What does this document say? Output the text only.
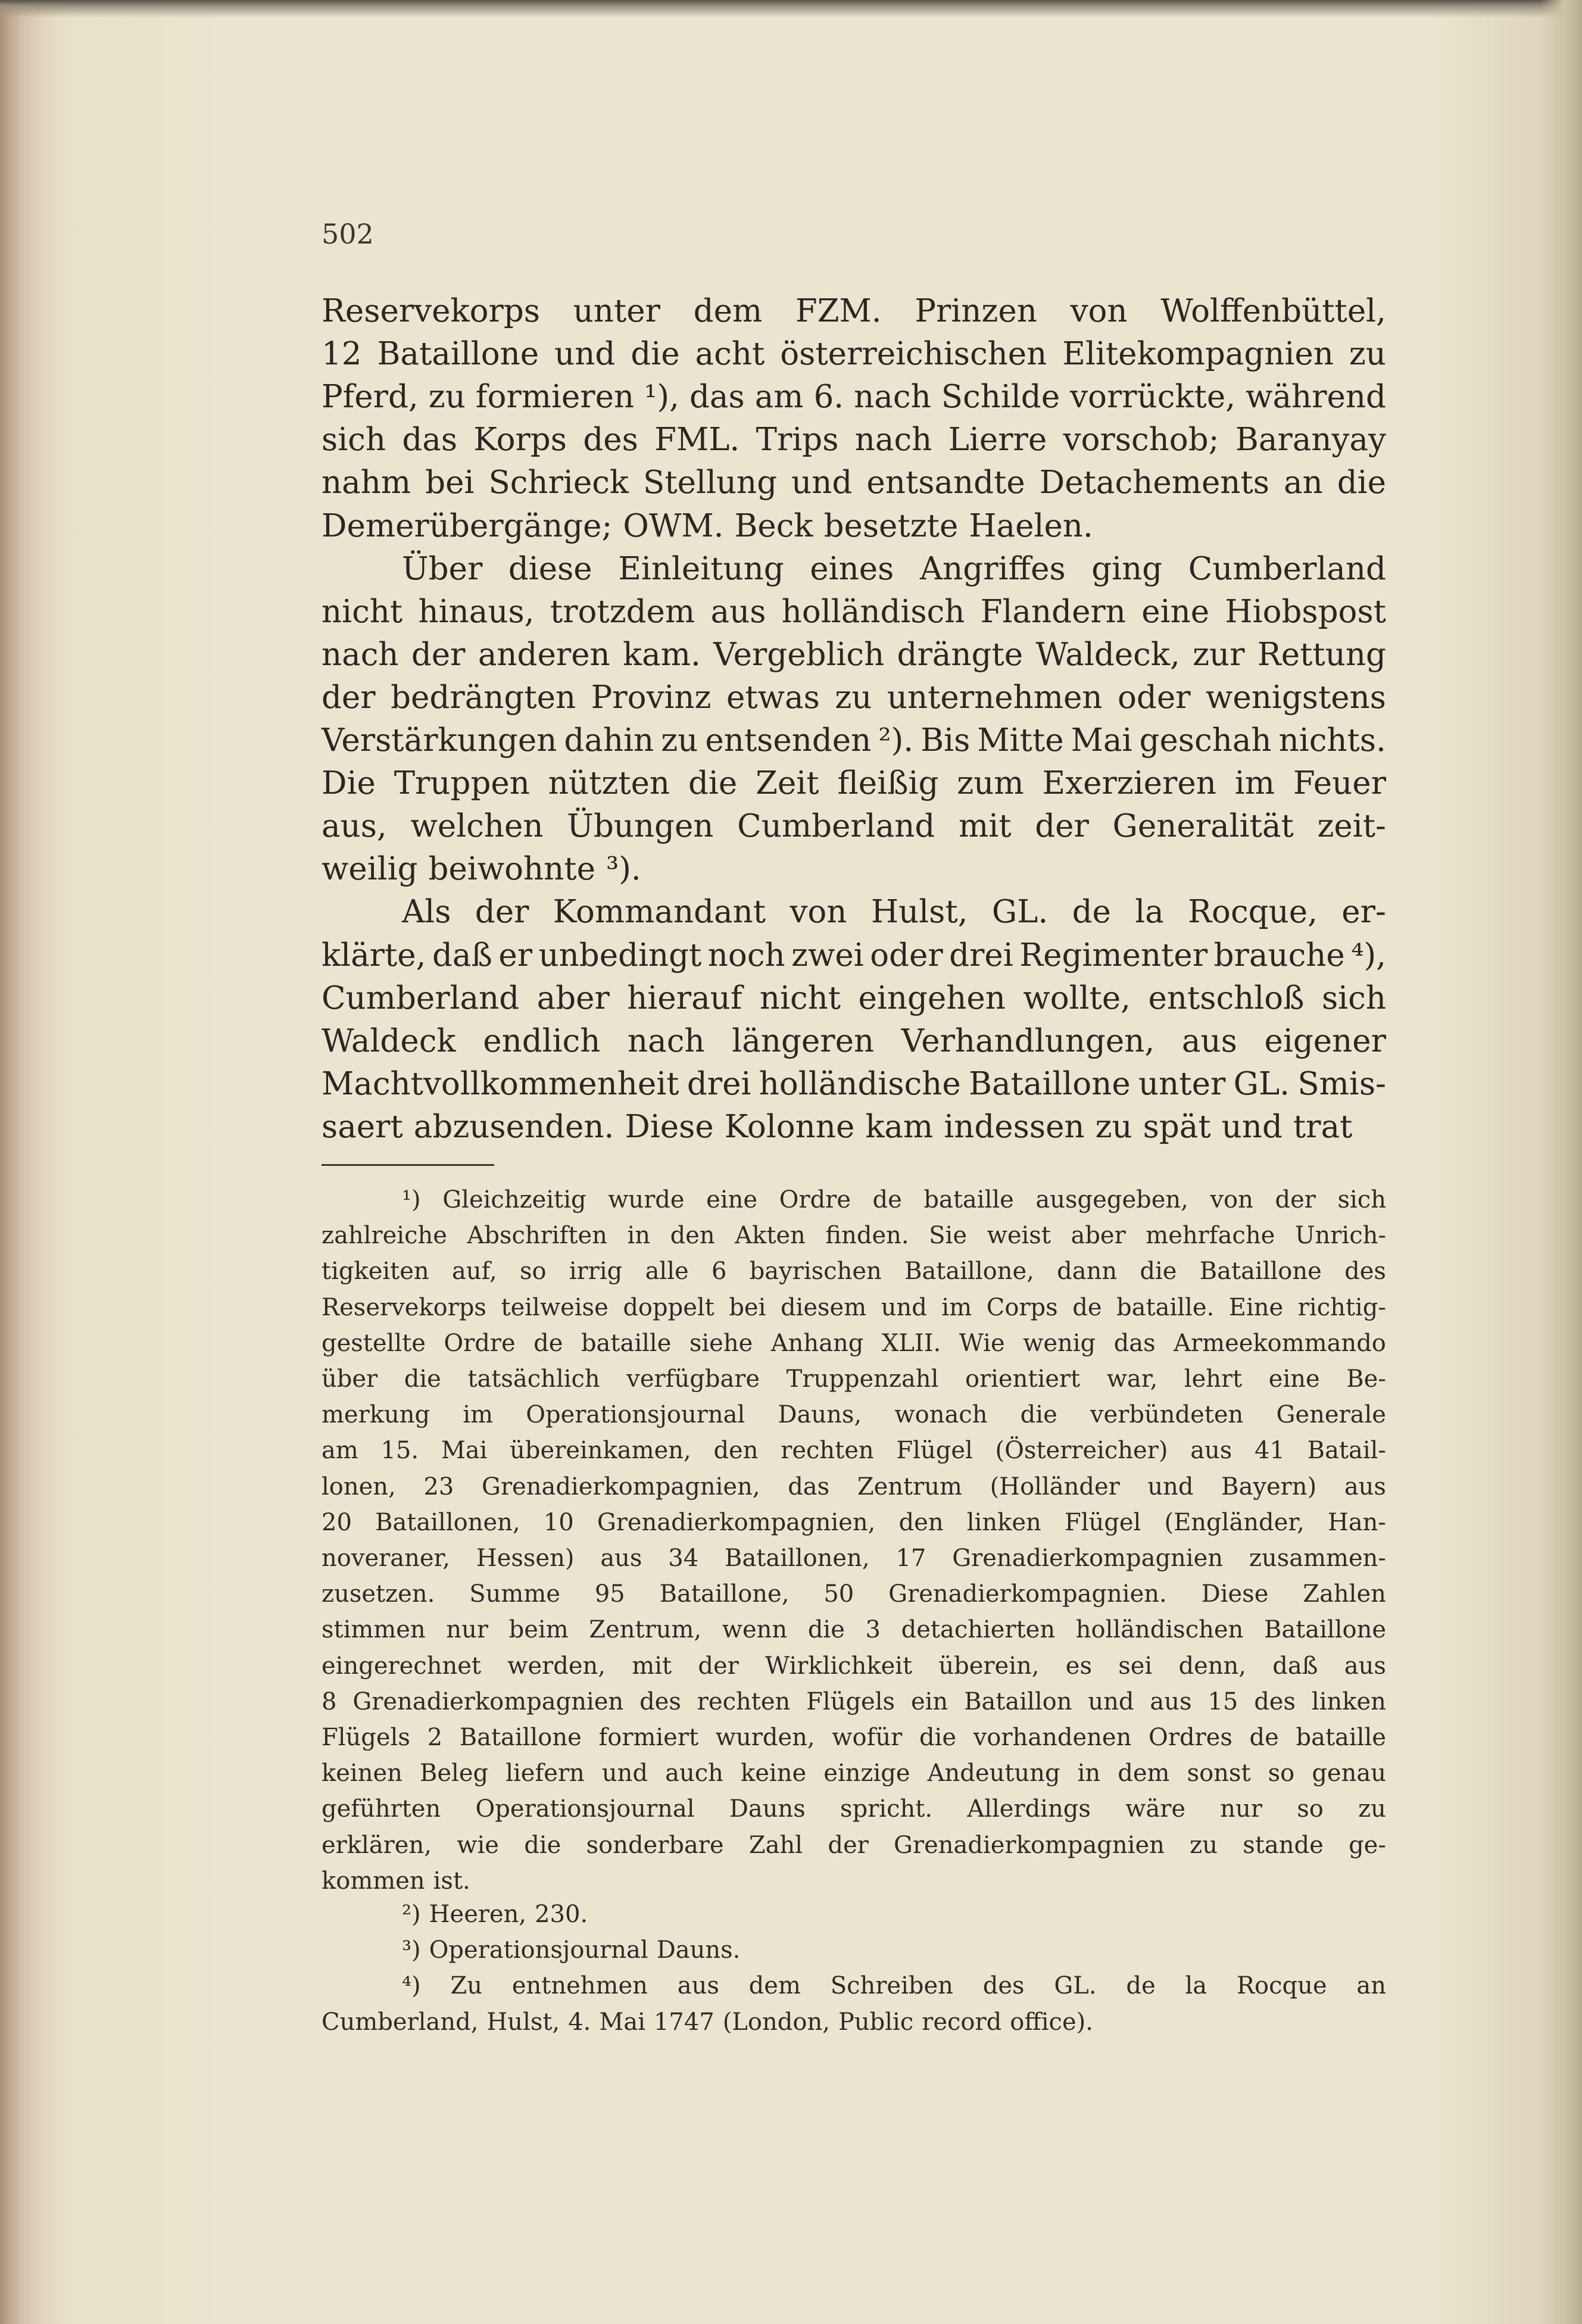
502

Reservekorps unter dem FZM. Prinzen von Wolffenbüttel,
12 Bataillone und die acht österreichischen Elitekompagnien zu
Pferd, zu formieren ¹), das am 6. nach Schilde vorrückte, während
sich das Korps des FML. Trips nach Lierre vorschob; Baranyay
nahm bei Schrieck Stellung und entsandte Detachements an die
Demerübergänge; OWM. Beck besetzte Haelen.
Über diese Einleitung eines Angriffes ging Cumberland
nicht hinaus, trotzdem aus holländisch Flandern eine Hiobspost
nach der anderen kam. Vergeblich drängte Waldeck, zur Rettung
der bedrängten Provinz etwas zu unternehmen oder wenigstens
Verstärkungen dahin zu entsenden ²). Bis Mitte Mai geschah nichts.
Die Truppen nützten die Zeit fleißig zum Exerzieren im Feuer
aus, welchen Übungen Cumberland mit der Generalität zeit-
weilig beiwohnte ³).
Als der Kommandant von Hulst, GL. de la Rocque, er-
klärte, daß er unbedingt noch zwei oder drei Regimenter brauche ⁴),
Cumberland aber hierauf nicht eingehen wollte, entschloß sich
Waldeck endlich nach längeren Verhandlungen, aus eigener
Machtvollkommenheit drei holländische Bataillone unter GL. Smis-
saert abzusenden. Diese Kolonne kam indessen zu spät und trat
¹) Gleichzeitig wurde eine Ordre de bataille ausgegeben, von der sich
zahlreiche Abschriften in den Akten finden. Sie weist aber mehrfache Unrich-
tigkeiten auf, so irrig alle 6 bayrischen Bataillone, dann die Bataillone des
Reservekorps teilweise doppelt bei diesem und im Corps de bataille. Eine richtig-
gestellte Ordre de bataille siehe Anhang XLII. Wie wenig das Armeekommando
über die tatsächlich verfügbare Truppenzahl orientiert war, lehrt eine Be-
merkung im Operationsjournal Dauns, wonach die verbündeten Generale
am 15. Mai übereinkamen, den rechten Flügel (Österreicher) aus 41 Batail-
lonen, 23 Grenadierkompagnien, das Zentrum (Holländer und Bayern) aus
20 Bataillonen, 10 Grenadierkompagnien, den linken Flügel (Engländer, Han-
noveraner, Hessen) aus 34 Bataillonen, 17 Grenadierkompagnien zusammen-
zusetzen. Summe 95 Bataillone, 50 Grenadierkompagnien. Diese Zahlen
stimmen nur beim Zentrum, wenn die 3 detachierten holländischen Bataillone
eingerechnet werden, mit der Wirklichkeit überein, es sei denn, daß aus
8 Grenadierkompagnien des rechten Flügels ein Bataillon und aus 15 des linken
Flügels 2 Bataillone formiert wurden, wofür die vorhandenen Ordres de bataille
keinen Beleg liefern und auch keine einzige Andeutung in dem sonst so genau
geführten Operationsjournal Dauns spricht. Allerdings wäre nur so zu
erklären, wie die sonderbare Zahl der Grenadierkompagnien zu stande ge-
kommen ist.
²) Heeren, 230.
³) Operationsjournal Dauns.
⁴) Zu entnehmen aus dem Schreiben des GL. de la Rocque an
Cumberland, Hulst, 4. Mai 1747 (London, Public record office).
